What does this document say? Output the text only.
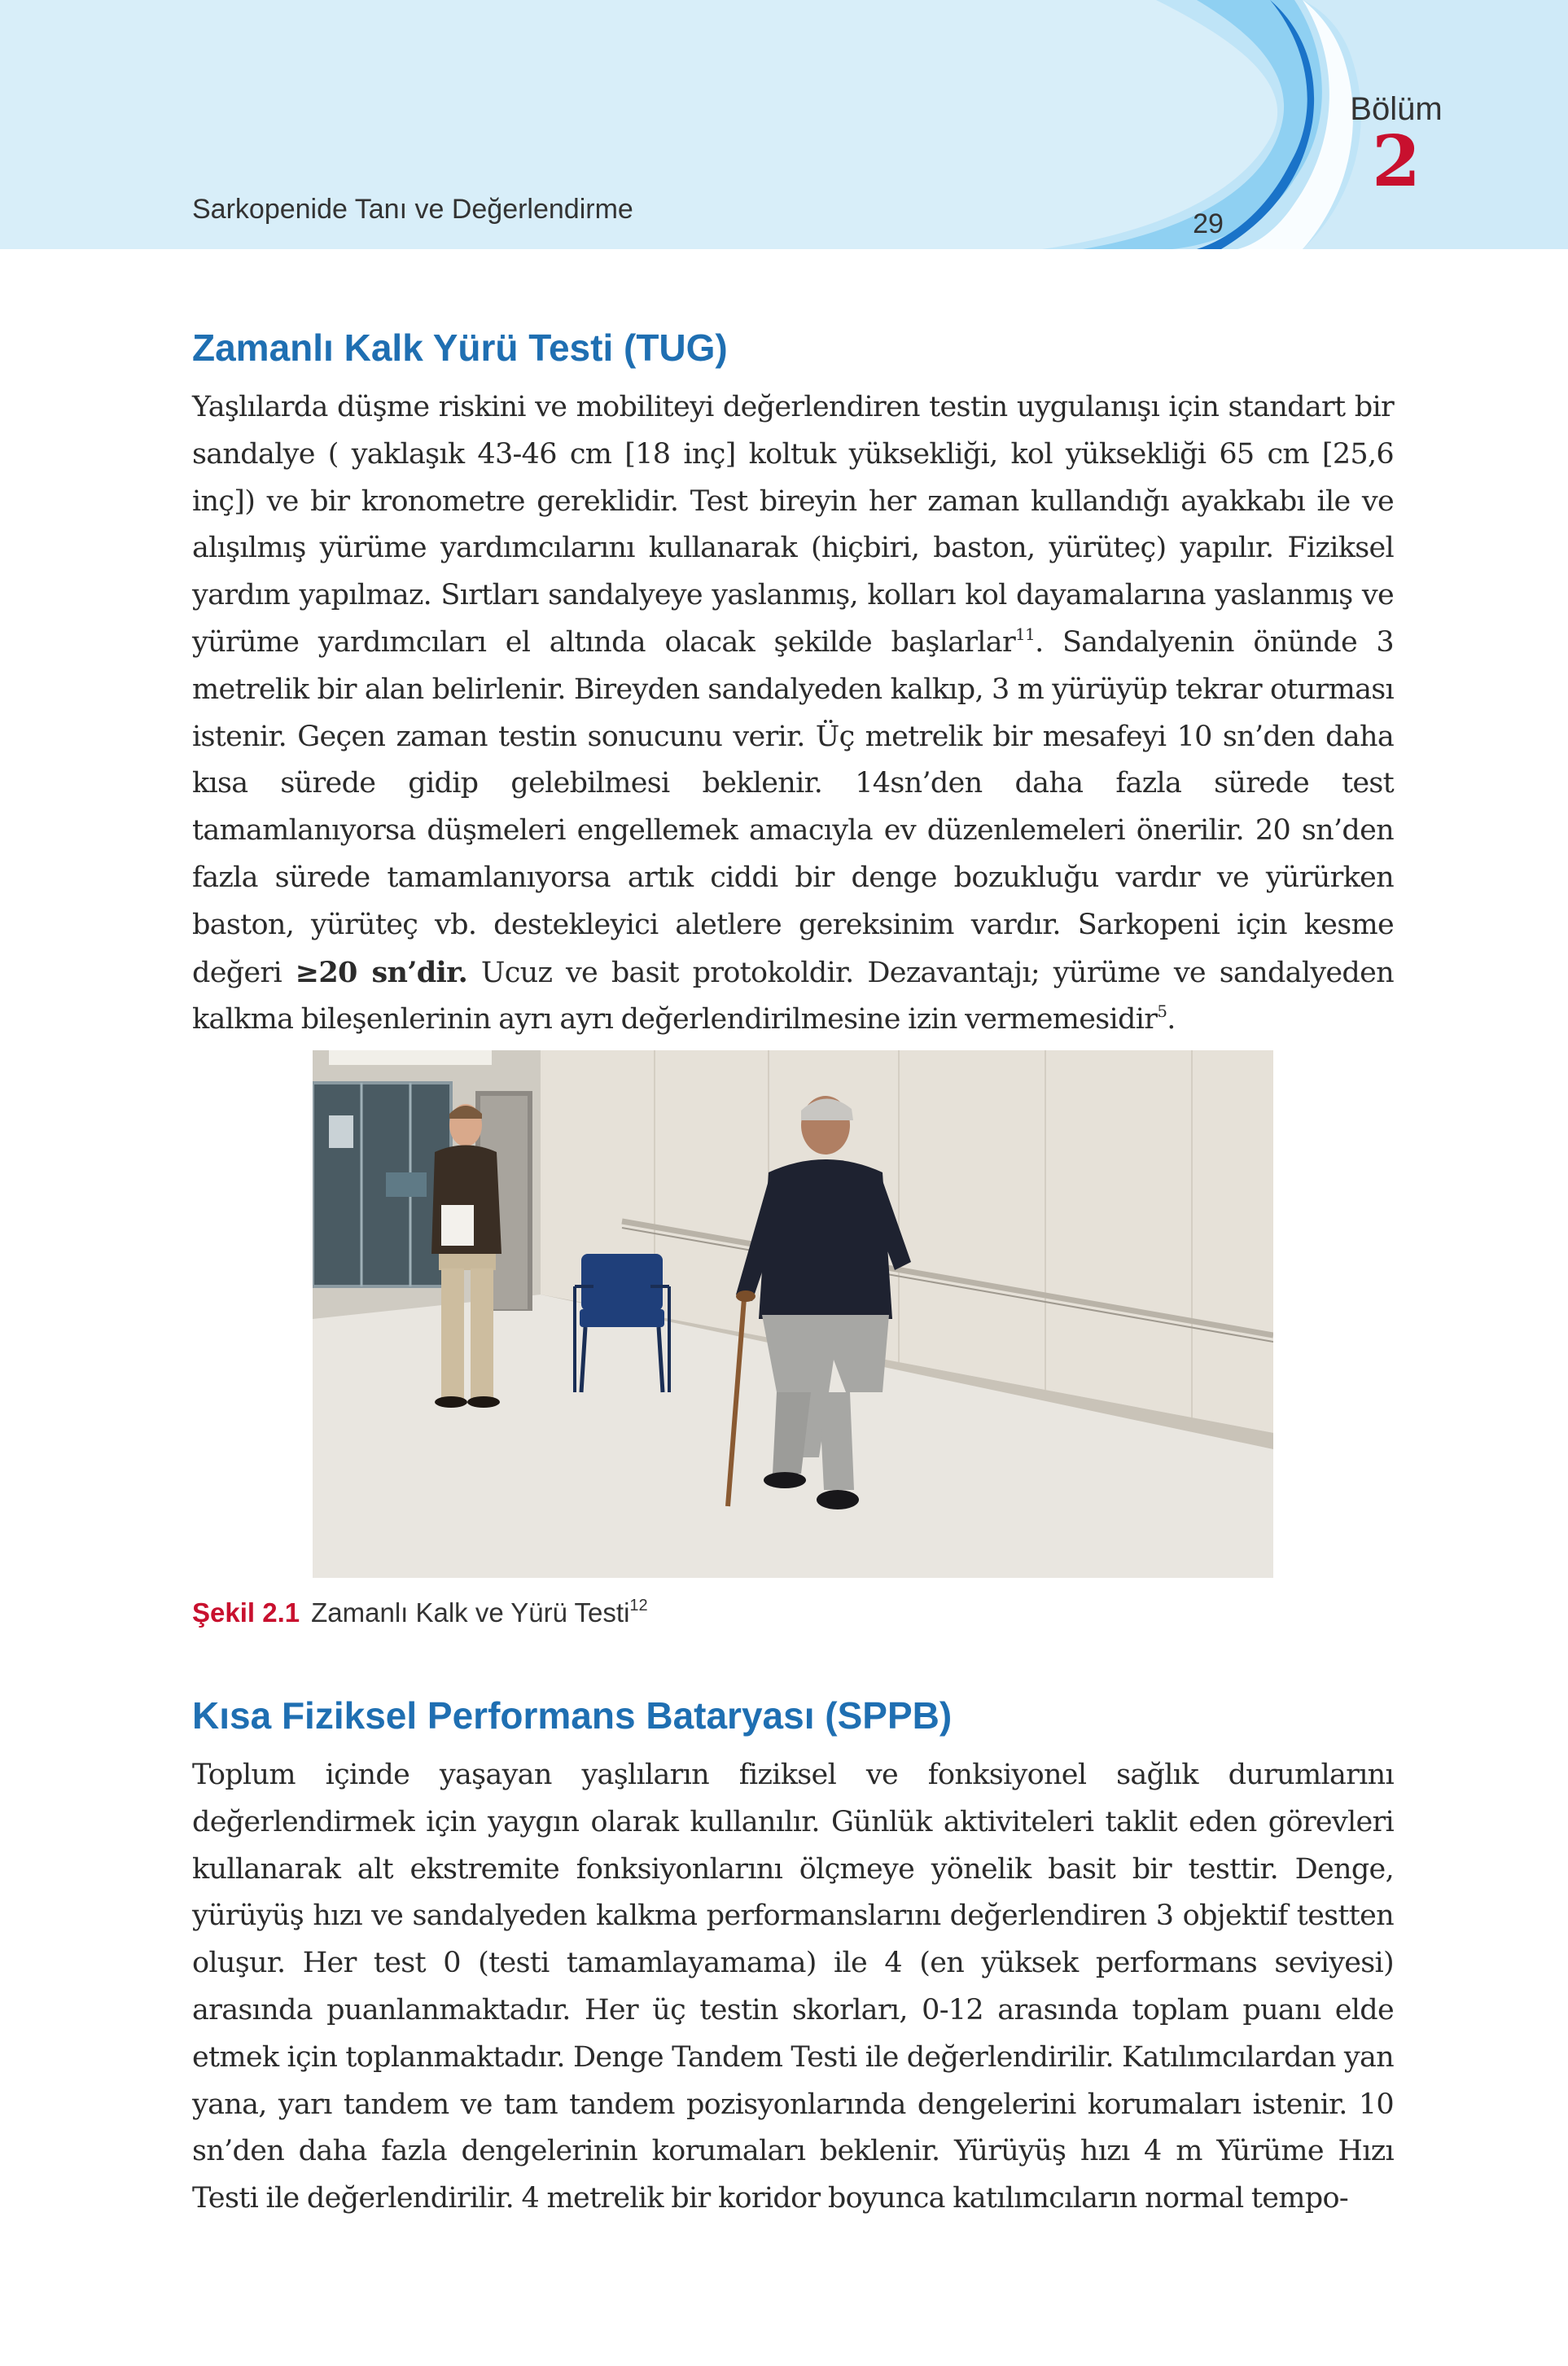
Sarkopenide Tanı ve Değerlendirme	29
Bölüm
2
Zamanlı Kalk Yürü Testi (TUG)

Yaşlılarda düşme riskini ve mobiliteyi değerlendiren testin uygulanışı için standart bir sandalye ( yaklaşık 43-46 cm [18 inç] koltuk yüksekliği, kol yüksekliği 65 cm [25,6 inç]) ve bir kronometre gereklidir. Test bireyin her zaman kullandığı ayakkabı ile ve alışılmış yürüme yardımcılarını kullanarak (hiçbiri, baston, yürüteç) yapılır. Fiziksel yardım yapılmaz. Sırtları sandalyeye yaslanmış, kolları kol dayamalarına yaslanmış ve yürüme yardımcıları el altında olacak şekilde başlarlar$^{11}$. Sandalyenin önünde 3 metrelik bir alan belirlenir. Bireyden sandalyeden kalkıp, 3 m yürüyüp tekrar oturması istenir. Geçen zaman testin sonucunu verir. Üç metrelik bir mesafeyi 10 sn’den daha kısa sürede gidip gelebilmesi beklenir. 14sn’den daha fazla sürede test tamamlanıyorsa düşmeleri engellemek amacıyla ev düzenlemeleri önerilir. 20 sn’den fazla sürede tamamlanıyorsa artık ciddi bir denge bozukluğu vardır ve yürürken baston, yürüteç vb. destekleyici aletlere gereksinim vardır. Sarkopeni için kesme değeri ≥20 sn’dir. Ucuz ve basit protokoldir. Dezavantajı; yürüme ve sandalyeden kalkma bileşenlerinin ayrı ayrı değerlendirilmesine izin vermemesidir$^5$.

Şekil 2.1 Zamanlı Kalk ve Yürü Testi$^{12}$
Kısa Fiziksel Performans Bataryası (SPPB)

Toplum içinde yaşayan yaşlıların fiziksel ve fonksiyonel sağlık durumlarını değerlendirmek için yaygın olarak kullanılır. Günlük aktiviteleri taklit eden görevleri kullanarak alt ekstremite fonksiyonlarını ölçmeye yönelik basit bir testtir. Denge, yürüyüş hızı ve sandalyeden kalkma performanslarını değerlendiren 3 objektif testten oluşur. Her test 0 (testi tamamlayamama) ile 4 (en yüksek performans seviyesi) arasında puanlanmaktadır. Her üç testin skorları, 0-12 arasında toplam puanı elde etmek için toplanmaktadır. Denge Tandem Testi ile değerlendirilir. Katılımcılardan yan yana, yarı tandem ve tam tandem pozisyonlarında dengelerini korumaları istenir. 10 sn’den daha fazla dengelerinin korumaları beklenir. Yürüyüş hızı 4 m Yürüme Hızı Testi ile değerlendirilir. 4 metrelik bir koridor boyunca katılımcıların normal tempo-
